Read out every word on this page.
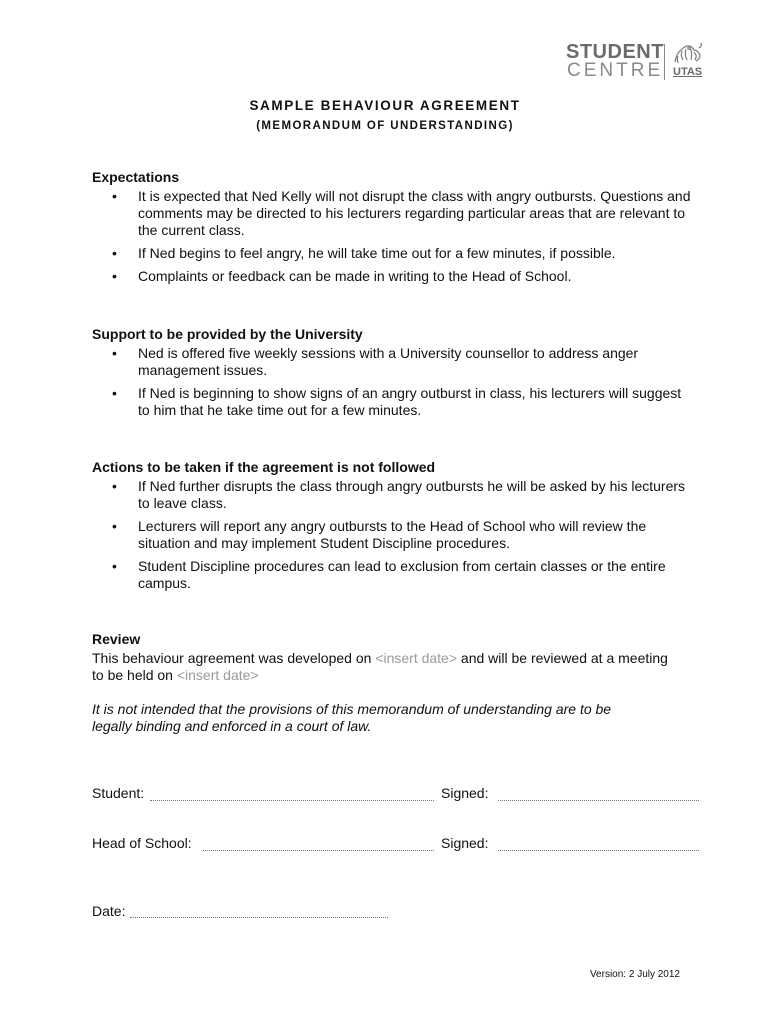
STUDENT
CENTRE UTAS
SAMPLE BEHAVIOUR AGREEMENT
(MEMORANDUM OF UNDERSTANDING)
Expectations
• It is expected that Ned Kelly will not disrupt the class with angry outbursts. Questions and comments may be directed to his lecturers regarding particular areas that are relevant to the current class.
• If Ned begins to feel angry, he will take time out for a few minutes, if possible.
• Complaints or feedback can be made in writing to the Head of School.
Support to be provided by the University
• Ned is offered five weekly sessions with a University counsellor to address anger management issues.
• If Ned is beginning to show signs of an angry outburst in class, his lecturers will suggest to him that he take time out for a few minutes.
Actions to be taken if the agreement is not followed
• If Ned further disrupts the class through angry outbursts he will be asked by his lecturers to leave class.
• Lecturers will report any angry outbursts to the Head of School who will review the situation and may implement Student Discipline procedures.
• Student Discipline procedures can lead to exclusion from certain classes or the entire campus.
Review

This behaviour agreement was developed on <insert date> and will be reviewed at a meeting to be held on <insert date>

It is not intended that the provisions of this memorandum of understanding are to be legally binding and enforced in a court of law.
Student:	Signed:
Head of School:	Signed:
Date:
Version: 2 July 2012
